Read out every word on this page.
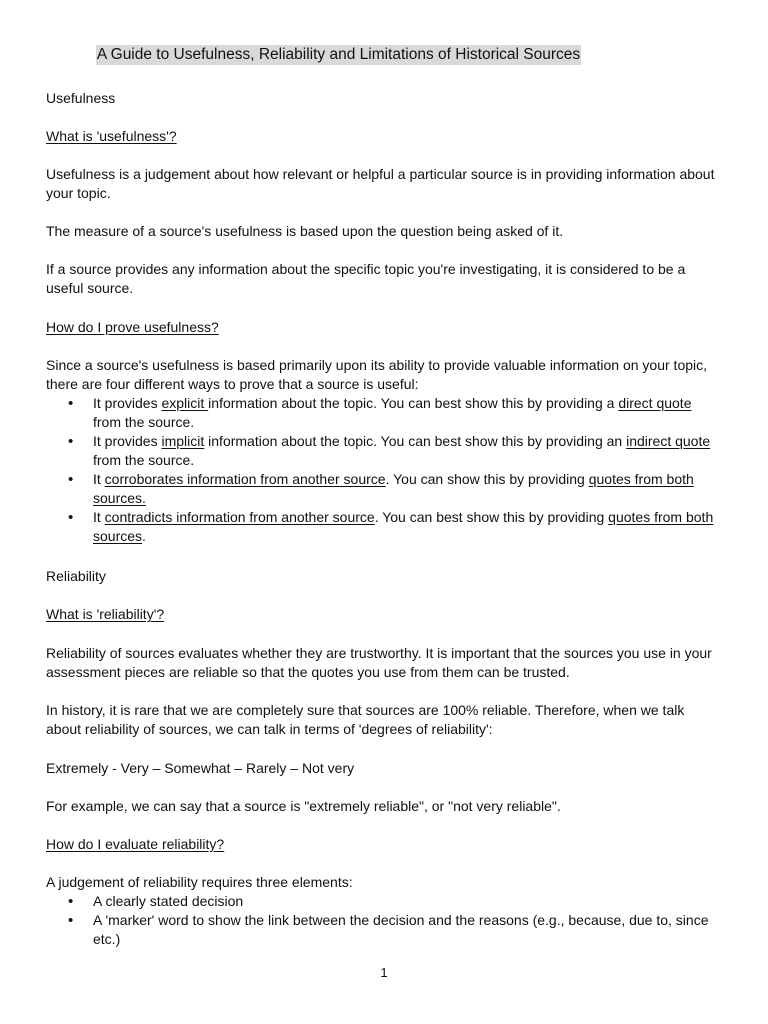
A Guide to Usefulness, Reliability and Limitations of Historical Sources

Usefulness

What is 'usefulness'?

Usefulness is a judgement about how relevant or helpful a particular source is in providing information about your topic.

The measure of a source's usefulness is based upon the question being asked of it.

If a source provides any information about the specific topic you're investigating, it is considered to be a useful source.

How do I prove usefulness?

Since a source's usefulness is based primarily upon its ability to provide valuable information on your topic, there are four different ways to prove that a source is useful:

• It provides explicit information about the topic. You can best show this by providing a direct quote from the source.
• It provides implicit information about the topic. You can best show this by providing an indirect quote from the source.
• It corroborates information from another source. You can show this by providing quotes from both sources.
• It contradicts information from another source. You can best show this by providing quotes from both sources.

Reliability

What is 'reliability'?

Reliability of sources evaluates whether they are trustworthy. It is important that the sources you use in your assessment pieces are reliable so that the quotes you use from them can be trusted.

In history, it is rare that we are completely sure that sources are 100% reliable. Therefore, when we talk about reliability of sources, we can talk in terms of 'degrees of reliability':

Extremely - Very – Somewhat – Rarely – Not very

For example, we can say that a source is "extremely reliable", or "not very reliable".

How do I evaluate reliability?

A judgement of reliability requires three elements:

• A clearly stated decision
• A 'marker' word to show the link between the decision and the reasons (e.g., because, due to, since etc.)
1
